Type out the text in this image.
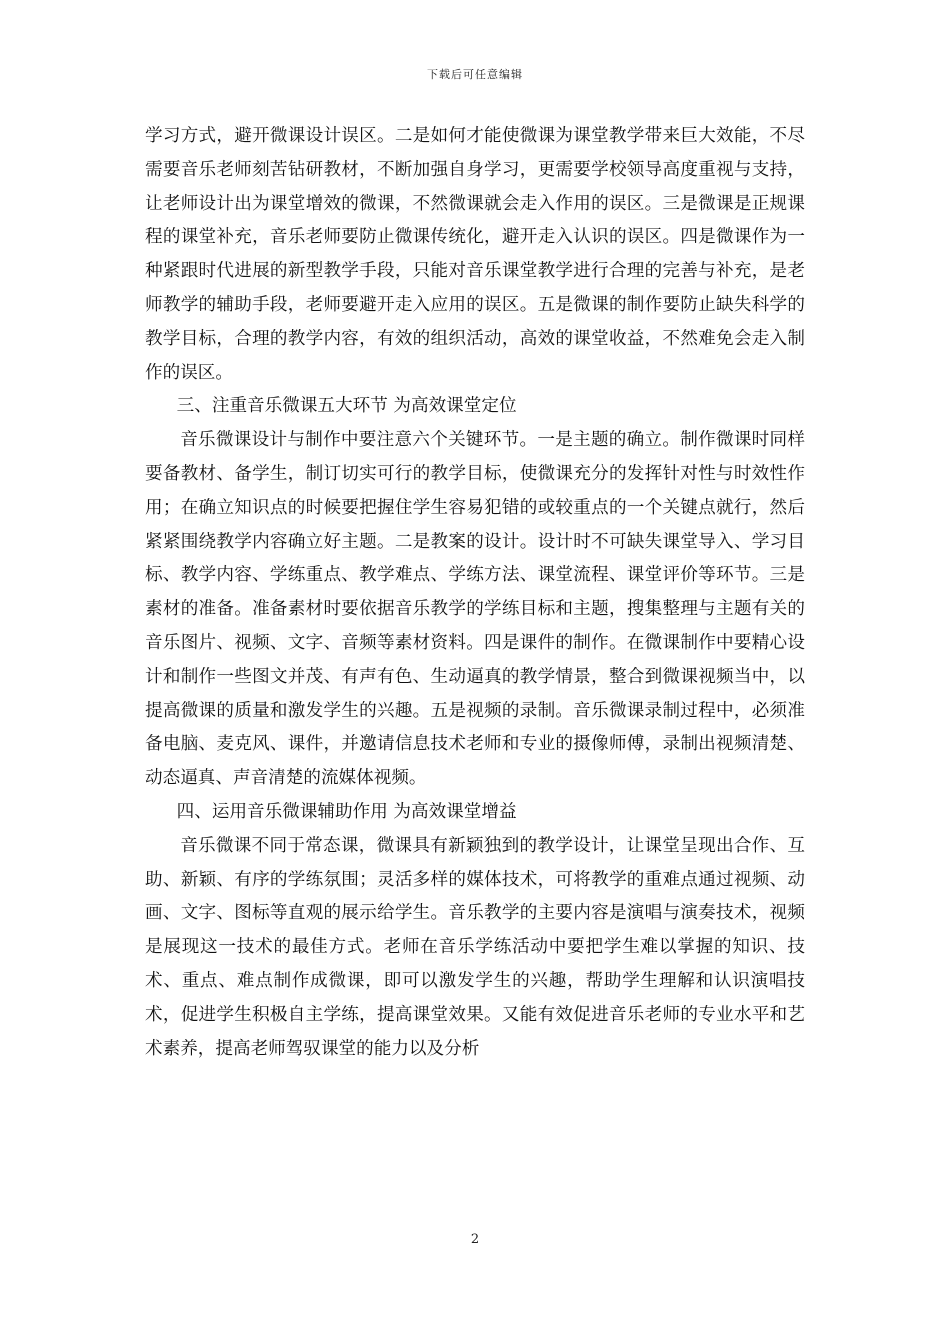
下载后可任意编辑

学习方式，避开微课设计误区。二是如何才能使微课为课堂教学带来巨大效能，不尽需要音乐老师刻苦钻研教材，不断加强自身学习，更需要学校领导高度重视与支持，让老师设计出为课堂增效的微课，不然微课就会走入作用的误区。三是微课是正规课程的课堂补充，音乐老师要防止微课传统化，避开走入认识的误区。四是微课作为一种紧跟时代进展的新型教学手段，只能对音乐课堂教学进行合理的完善与补充，是老师教学的辅助手段，老师要避开走入应用的误区。五是微课的制作要防止缺失科学的教学目标，合理的教学内容，有效的组织活动，高效的课堂收益，不然难免会走入制作的误区。

三、注重音乐微课五大环节 为高效课堂定位

音乐微课设计与制作中要注意六个关键环节。一是主题的确立。制作微课时同样要备教材、备学生，制订切实可行的教学目标，使微课充分的发挥针对性与时效性作用；在确立知识点的时候要把握住学生容易犯错的或较重点的一个关键点就行，然后紧紧围绕教学内容确立好主题。二是教案的设计。设计时不可缺失课堂导入、学习目标、教学内容、学练重点、教学难点、学练方法、课堂流程、课堂评价等环节。三是素材的准备。准备素材时要依据音乐教学的学练目标和主题，搜集整理与主题有关的音乐图片、视频、文字、音频等素材资料。四是课件的制作。在微课制作中要精心设计和制作一些图文并茂、有声有色、生动逼真的教学情景，整合到微课视频当中，以提高微课的质量和激发学生的兴趣。五是视频的录制。音乐微课录制过程中，必须准备电脑、麦克风、课件，并邀请信息技术老师和专业的摄像师傅，录制出视频清楚、动态逼真、声音清楚的流媒体视频。

四、运用音乐微课辅助作用 为高效课堂增益

音乐微课不同于常态课，微课具有新颖独到的教学设计，让课堂呈现出合作、互助、新颖、有序的学练氛围；灵活多样的媒体技术，可将教学的重难点通过视频、动画、文字、图标等直观的展示给学生。音乐教学的主要内容是演唱与演奏技术，视频是展现这一技术的最佳方式。老师在音乐学练活动中要把学生难以掌握的知识、技术、重点、难点制作成微课，即可以激发学生的兴趣，帮助学生理解和认识演唱技术，促进学生积极自主学练，提高课堂效果。又能有效促进音乐老师的专业水平和艺术素养，提高老师驾驭课堂的能力以及分析

2
